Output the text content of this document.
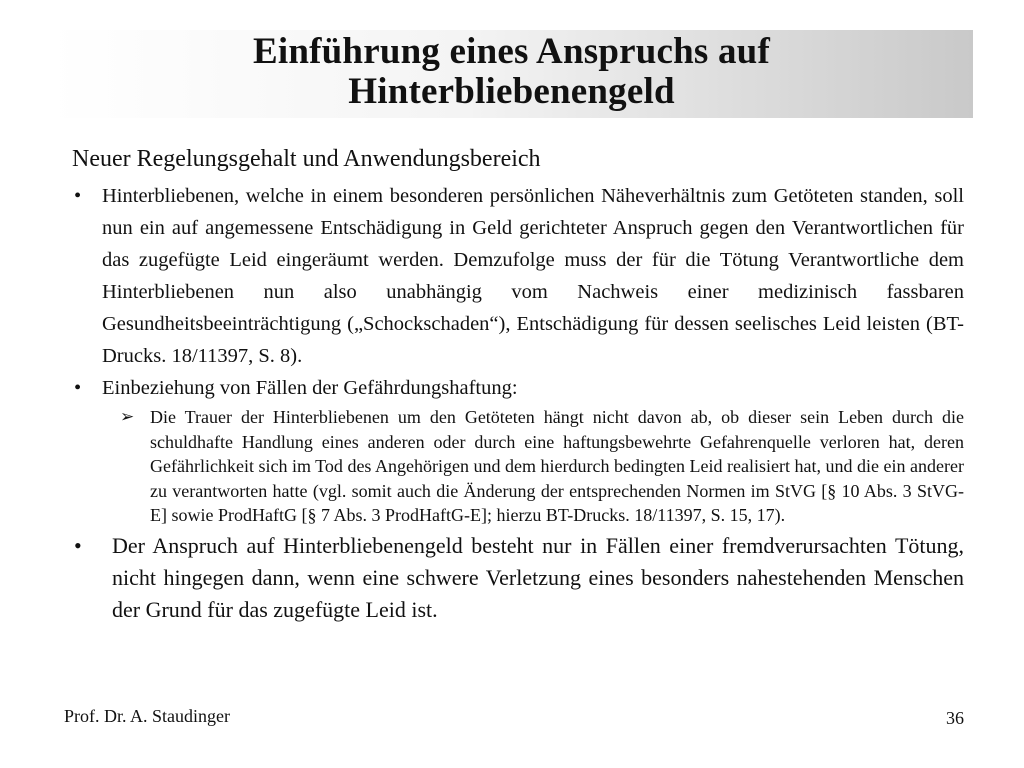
Einführung eines Anspruchs auf
Hinterbliebenengeld
Neuer Regelungsgehalt und Anwendungsbereich
• Hinterbliebenen, welche in einem besonderen persönlichen Näheverhältnis zum Getöteten standen, soll nun ein auf angemessene Entschädigung in Geld gerichteter Anspruch gegen den Verantwortlichen für das zugefügte Leid eingeräumt werden. Demzufolge muss der für die Tötung Verantwortliche dem Hinterbliebenen nun also unabhängig vom Nachweis einer medizinisch fassbaren Gesundheitsbeeinträchtigung („Schockschaden“), Entschädigung für dessen seelisches Leid leisten (BT-Drucks. 18/11397, S. 8).
• Einbeziehung von Fällen der Gefährdungshaftung:
➢ Die Trauer der Hinterbliebenen um den Getöteten hängt nicht davon ab, ob dieser sein Leben durch die schuldhafte Handlung eines anderen oder durch eine haftungsbewehrte Gefahrenquelle verloren hat, deren Gefährlichkeit sich im Tod des Angehörigen und dem hierdurch bedingten Leid realisiert hat, und die ein anderer zu verantworten hatte (vgl. somit auch die Änderung der entsprechenden Normen im StVG [§ 10 Abs. 3 StVG-E] sowie ProdHaftG [§ 7 Abs. 3 ProdHaftG-E]; hierzu BT-Drucks. 18/11397, S. 15, 17).
• Der Anspruch auf Hinterbliebenengeld besteht nur in Fällen einer fremdverursachten Tötung, nicht hingegen dann, wenn eine schwere Verletzung eines besonders nahestehenden Menschen der Grund für das zugefügte Leid ist.
Prof. Dr. A. Staudinger	36
